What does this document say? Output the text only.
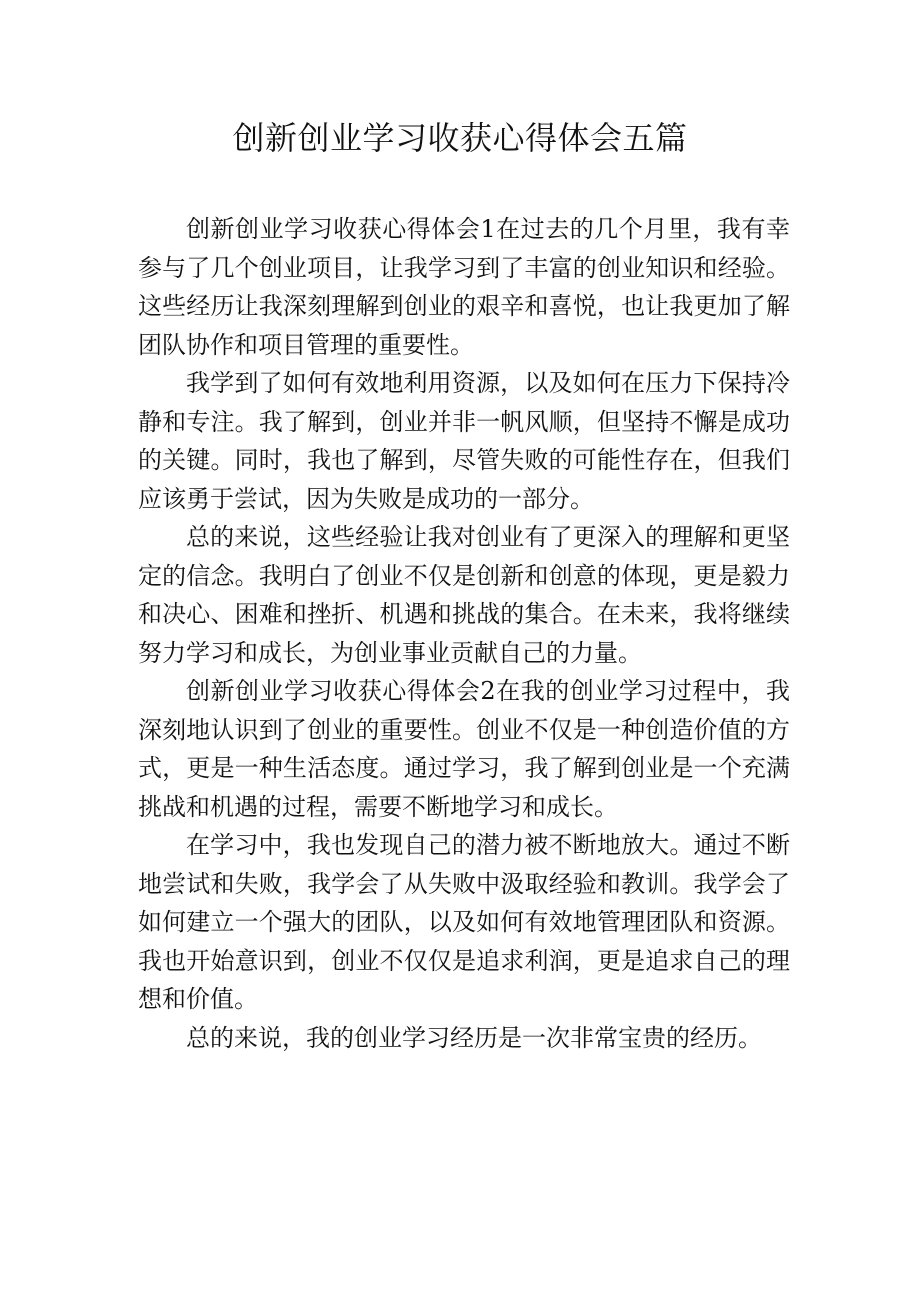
创新创业学习收获心得体会五篇

创新创业学习收获心得体会1在过去的几个月里，我有幸参与了几个创业项目，让我学习到了丰富的创业知识和经验。这些经历让我深刻理解到创业的艰辛和喜悦，也让我更加了解团队协作和项目管理的重要性。

我学到了如何有效地利用资源，以及如何在压力下保持冷静和专注。我了解到，创业并非一帆风顺，但坚持不懈是成功的关键。同时，我也了解到，尽管失败的可能性存在，但我们应该勇于尝试，因为失败是成功的一部分。

总的来说，这些经验让我对创业有了更深入的理解和更坚定的信念。我明白了创业不仅是创新和创意的体现，更是毅力和决心、困难和挫折、机遇和挑战的集合。在未来，我将继续努力学习和成长，为创业事业贡献自己的力量。

创新创业学习收获心得体会2在我的创业学习过程中，我深刻地认识到了创业的重要性。创业不仅是一种创造价值的方式，更是一种生活态度。通过学习，我了解到创业是一个充满挑战和机遇的过程，需要不断地学习和成长。

在学习中，我也发现自己的潜力被不断地放大。通过不断地尝试和失败，我学会了从失败中汲取经验和教训。我学会了如何建立一个强大的团队，以及如何有效地管理团队和资源。我也开始意识到，创业不仅仅是追求利润，更是追求自己的理想和价值。

总的来说，我的创业学习经历是一次非常宝贵的经历。
